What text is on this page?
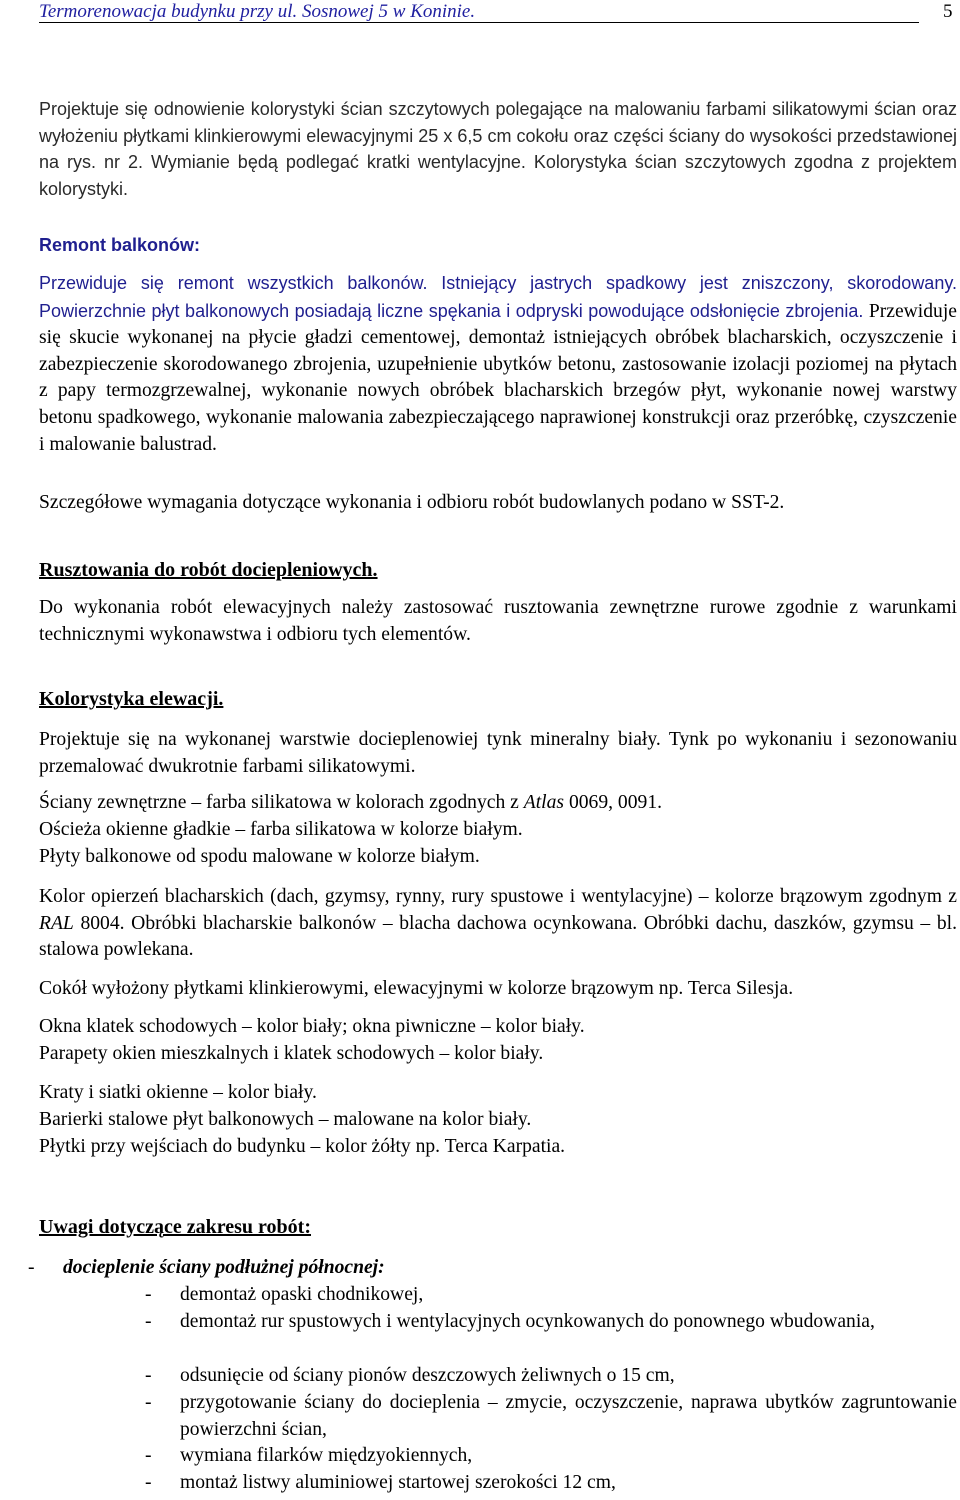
Termorenowacja budynku przy ul. Sosnowej 5 w Koninie.	5

Projektuje się odnowienie kolorystyki ścian szczytowych polegające na malowaniu farbami silikatowymi ścian oraz wyłożeniu płytkami klinkierowymi elewacyjnymi 25 x 6,5 cm cokołu oraz części ściany do wysokości przedstawionej na rys. nr 2. Wymianie będą podlegać kratki wentylacyjne. Kolorystyka ścian szczytowych zgodna z projektem kolorystyki.

Remont balkonów:

Przewiduje się remont wszystkich balkonów. Istniejący jastrych spadkowy jest zniszczony, skorodowany. Powierzchnie płyt balkonowych posiadają liczne spękania i odpryski powodujące odsłonięcie zbrojenia. Przewiduje się skucie wykonanej na płycie gładzi cementowej, demontaż istniejących obróbek blacharskich, oczyszczenie i zabezpieczenie skorodowanego zbrojenia, uzupełnienie ubytków betonu, zastosowanie izolacji poziomej na płytach z papy termozgrzewalnej, wykonanie nowych obróbek blacharskich brzegów płyt, wykonanie nowej warstwy betonu spadkowego, wykonanie malowania zabezpieczającego naprawionej konstrukcji oraz przeróbkę, czyszczenie i malowanie balustrad.

Szczegółowe wymagania dotyczące wykonania i odbioru robót budowlanych podano w SST-2.
Rusztowania do robót dociepleniowych.

Do wykonania robót elewacyjnych należy zastosować rusztowania zewnętrzne rurowe zgodnie z warunkami technicznymi wykonawstwa i odbioru tych elementów.

Kolorystyka elewacji.

Projektuje się na wykonanej warstwie docieplenowiej tynk mineralny biały. Tynk po wykonaniu i sezonowaniu przemalować dwukrotnie farbami silikatowymi.

Ściany zewnętrzne – farba silikatowa w kolorach zgodnych z Atlas 0069, 0091.
Ościeża okienne gładkie – farba silikatowa w kolorze białym.
Płyty balkonowe od spodu malowane w kolorze białym.

Kolor opierzeń blacharskich (dach, gzymsy, rynny, rury spustowe i wentylacyjne) – kolorze brązowym zgodnym z RAL 8004. Obróbki blacharskie balkonów – blacha dachowa ocynkowana. Obróbki dachu, daszków, gzymsu – bl. stalowa powlekana.

Cokół wyłożony płytkami klinkierowymi, elewacyjnymi w kolorze brązowym np. Terca Silesja.
Okna klatek schodowych – kolor biały; okna piwniczne – kolor biały.
Parapety okien mieszkalnych i klatek schodowych – kolor biały.
Kraty i siatki okienne – kolor biały.
Barierki stalowe płyt balkonowych – malowane na kolor biały.
Płytki przy wejściach do budynku – kolor żółty np. Terca Karpatia.
Uwagi dotyczące zakresu robót:
- docieplenie ściany podłużnej północnej:
- demontaż opaski chodnikowej,
- demontaż rur spustowych i wentylacyjnych ocynkowanych do ponownego wbudowania,
- odsunięcie od ściany pionów deszczowych żeliwnych o 15 cm,
- przygotowanie ściany do docieplenia – zmycie, oczyszczenie, naprawa ubytków zagruntowanie powierzchni ścian,
- wymiana filarków międzyokiennych,
- montaż listwy aluminiowej startowej szerokości 12 cm,
